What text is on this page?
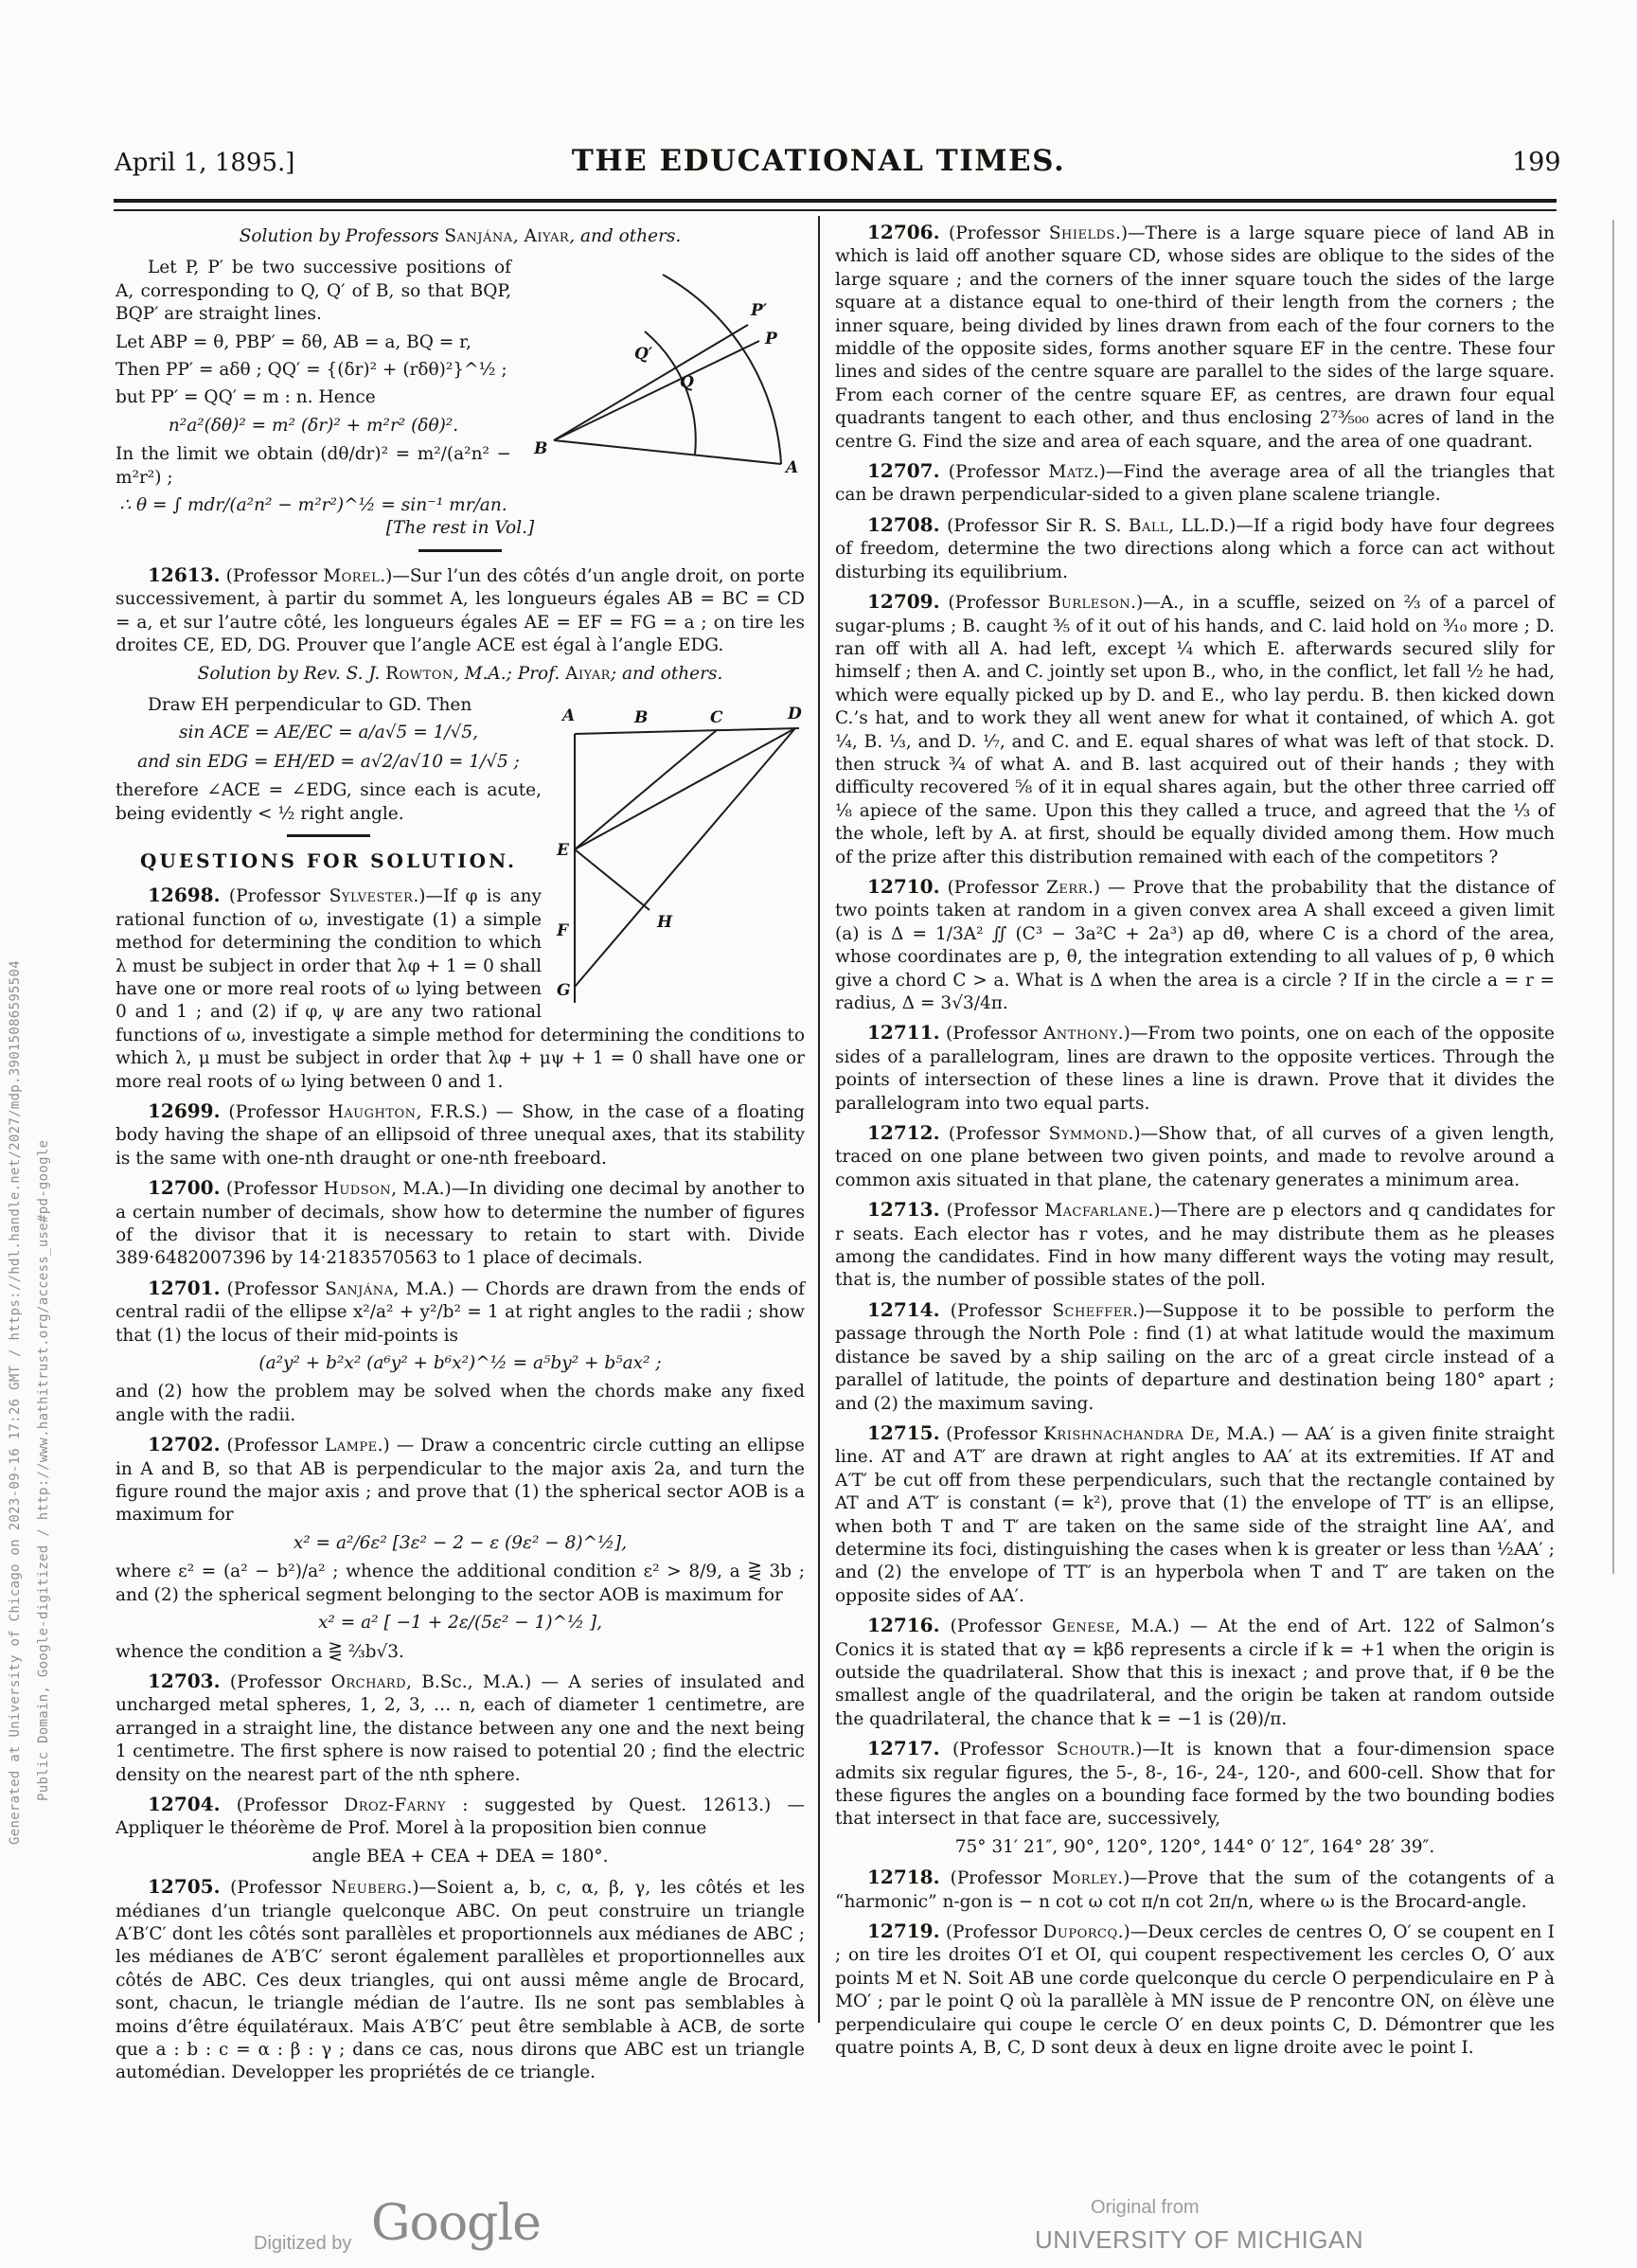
Generated at University of Chicago on 2023-09-16 17:26 GMT / https://hdl.handle.net/2027/mdp.39015086595504 Public Domain, Google-digitized / http://www.hathitrust.org/access_use#pd-google
April 1, 1895.]	THE EDUCATIONAL TIMES.	199

Solution by Professors Sanjána, Aiyar, and others.

P′
P
Q′
Q
B
A

Let P, P′ be two successive positions of A, corresponding to Q, Q′ of B, so that BQP, BQP′ are straight lines.

Let ABP = θ, PBP′ = δθ, AB = a, BQ = r,

Then PP′ = aδθ ; QQ′ = {(δr)² + (rδθ)²}^½ ;

but PP′ = QQ′ = m : n. Hence

n²a²(δθ)² = m² (δr)² + m²r² (δθ)².

In the limit we obtain (dθ/dr)² = m²/(a²n² − m²r²) ;

∴ θ = ∫ mdr/(a²n² − m²r²)^½ = sin⁻¹ mr/an. [The rest in Vol.]

12613. (Professor Morel.)—Sur l’un des côtés d’un angle droit, on porte successivement, à partir du sommet A, les longueurs égales AB = BC = CD = a, et sur l’autre côté, les longueurs égales AE = EF = FG = a ; on tire les droites CE, ED, DG. Prouver que l’angle ACE est égal à l’angle EDG.

Solution by Rev. S. J. Rowton, M.A.; Prof. Aiyar; and others.

A	B	C	D
E
F
G
H

Draw EH perpendicular to GD. Then

sin ACE = AE/EC = a/a√5 = 1/√5,

and sin EDG = EH/ED = a√2/a√10 = 1/√5 ;

therefore ∠ACE = ∠EDG, since each is acute, being evidently < ½ right angle.

QUESTIONS FOR SOLUTION.

12698. (Professor Sylvester.)—If φ is any rational function of ω, investigate (1) a simple method for determining the condition to which λ must be subject in order that λφ + 1 = 0 shall have one or more real roots of ω lying between 0 and 1 ; and (2) if φ, ψ are any two rational functions of ω, investigate a simple method for determining the conditions to which λ, μ must be subject in order that λφ + μψ + 1 = 0 shall have one or more real roots of ω lying between 0 and 1.

12699. (Professor Haughton, F.R.S.) — Show, in the case of a floating body having the shape of an ellipsoid of three unequal axes, that its stability is the same with one-nth draught or one-nth freeboard.

12700. (Professor Hudson, M.A.)—In dividing one decimal by another to a certain number of decimals, show how to determine the number of figures of the divisor that it is necessary to retain to start with. Divide 389·6482007396 by 14·2183570563 to 1 place of decimals.

12701. (Professor Sanjána, M.A.) — Chords are drawn from the ends of central radii of the ellipse x²/a² + y²/b² = 1 at right angles to the radii ; show that (1) the locus of their mid-points is

(a²y² + b²x² (a⁶y² + b⁶x²)^½ = a⁵by² + b⁵ax² ;

and (2) how the problem may be solved when the chords make any fixed angle with the radii.

12702. (Professor Lampe.) — Draw a concentric circle cutting an ellipse in A and B, so that AB is perpendicular to the major axis 2a, and turn the figure round the major axis ; and prove that (1) the spherical sector AOB is a maximum for

x² = a²/6ε² [3ε² − 2 − ε (9ε² − 8)^½],

where ε² = (a² − b²)/a² ; whence the additional condition ε² > 8/9, a ⋛ 3b ; and (2) the spherical segment belonging to the sector AOB is maximum for

x² = a² [ −1 + 2ε/(5ε² − 1)^½ ],

whence the condition a ⋛ ⅔b√3.

12703. (Professor Orchard, B.Sc., M.A.) — A series of insulated and uncharged metal spheres, 1, 2, 3, … n, each of diameter 1 centimetre, are arranged in a straight line, the distance between any one and the next being 1 centimetre. The first sphere is now raised to potential 20 ; find the electric density on the nearest part of the nth sphere.

12704. (Professor Droz-Farny : suggested by Quest. 12613.) — Appliquer le théorème de Prof. Morel à la proposition bien connue

angle BEA + CEA + DEA = 180°.

12705. (Professor Neuberg.)—Soient a, b, c, α, β, γ, les côtés et les médianes d’un triangle quelconque ABC. On peut construire un triangle A′B′C′ dont les côtés sont parallèles et proportionnels aux médianes de ABC ; les médianes de A′B′C′ seront également parallèles et proportionnelles aux côtés de ABC. Ces deux triangles, qui ont aussi même angle de Brocard, sont, chacun, le triangle médian de l’autre. Ils ne sont pas semblables à moins d’être équilatéraux. Mais A′B′C′ peut être semblable à ACB, de sorte que a : b : c = α : β : γ ; dans ce cas, nous dirons que ABC est un triangle automédian. Developper les propriétés de ce triangle.

12706. (Professor Shields.)—There is a large square piece of land AB in which is laid off another square CD, whose sides are oblique to the sides of the large square ; and the corners of the inner square touch the sides of the large square at a distance equal to one-third of their length from the corners ; the inner square, being divided by lines drawn from each of the four corners to the middle of the opposite sides, forms another square EF in the centre. These four lines and sides of the centre square are parallel to the sides of the large square. From each corner of the centre square EF, as centres, are drawn four equal quadrants tangent to each other, and thus enclosing 2⁷³⁄₅₀₀ acres of land in the centre G. Find the size and area of each square, and the area of one quadrant.

12707. (Professor Matz.)—Find the average area of all the triangles that can be drawn perpendicular-sided to a given plane scalene triangle.

12708. (Professor Sir R. S. Ball, LL.D.)—If a rigid body have four degrees of freedom, determine the two directions along which a force can act without disturbing its equilibrium.

12709. (Professor Burleson.)—A., in a scuffle, seized on ⅔ of a parcel of sugar-plums ; B. caught ⅗ of it out of his hands, and C. laid hold on ³⁄₁₀ more ; D. ran off with all A. had left, except ¼ which E. afterwards secured slily for himself ; then A. and C. jointly set upon B., who, in the conflict, let fall ½ he had, which were equally picked up by D. and E., who lay perdu. B. then kicked down C.’s hat, and to work they all went anew for what it contained, of which A. got ¼, B. ⅓, and D. ¹⁄₇, and C. and E. equal shares of what was left of that stock. D. then struck ¾ of what A. and B. last acquired out of their hands ; they with difficulty recovered ⅝ of it in equal shares again, but the other three carried off ⅛ apiece of the same. Upon this they called a truce, and agreed that the ⅓ of the whole, left by A. at first, should be equally divided among them. How much of the prize after this distribution remained with each of the competitors ?

12710. (Professor Zerr.) — Prove that the probability that the distance of two points taken at random in a given convex area A shall exceed a given limit (a) is Δ = 1/3A² ∬ (C³ − 3a²C + 2a³) ap dθ, where C is a chord of the area, whose coordinates are p, θ, the integration extending to all values of p, θ which give a chord C > a. What is Δ when the area is a circle ? If in the circle a = r = radius, Δ = 3√3/4π.

12711. (Professor Anthony.)—From two points, one on each of the opposite sides of a parallelogram, lines are drawn to the opposite vertices. Through the points of intersection of these lines a line is drawn. Prove that it divides the parallelogram into two equal parts.

12712. (Professor Symmond.)—Show that, of all curves of a given length, traced on one plane between two given points, and made to revolve around a common axis situated in that plane, the catenary generates a minimum area.

12713. (Professor Macfarlane.)—There are p electors and q candidates for r seats. Each elector has r votes, and he may distribute them as he pleases among the candidates. Find in how many different ways the voting may result, that is, the number of possible states of the poll.

12714. (Professor Scheffer.)—Suppose it to be possible to perform the passage through the North Pole : find (1) at what latitude would the maximum distance be saved by a ship sailing on the arc of a great circle instead of a parallel of latitude, the points of departure and destination being 180° apart ; and (2) the maximum saving.

12715. (Professor Krishnachandra De, M.A.) — AA′ is a given finite straight line. AT and A′T′ are drawn at right angles to AA′ at its extremities. If AT and A′T′ be cut off from these perpendiculars, such that the rectangle contained by AT and A′T′ is constant (= k²), prove that (1) the envelope of TT′ is an ellipse, when both T and T′ are taken on the same side of the straight line AA′, and determine its foci, distinguishing the cases when k is greater or less than ½AA′ ; and (2) the envelope of TT′ is an hyperbola when T and T′ are taken on the opposite sides of AA′.

12716. (Professor Genese, M.A.) — At the end of Art. 122 of Salmon’s Conics it is stated that αγ = kβδ represents a circle if k = +1 when the origin is outside the quadrilateral. Show that this is inexact ; and prove that, if θ be the smallest angle of the quadrilateral, and the origin be taken at random outside the quadrilateral, the chance that k = −1 is (2θ)/π.

12717. (Professor Schoutr.)—It is known that a four-dimension space admits six regular figures, the 5-, 8-, 16-, 24-, 120-, and 600-cell. Show that for these figures the angles on a bounding face formed by the two bounding bodies that intersect in that face are, successively,

75° 31′ 21″, 90°, 120°, 120°, 144° 0′ 12″, 164° 28′ 39″.

12718. (Professor Morley.)—Prove that the sum of the cotangents of a “harmonic” n-gon is − n cot ω cot π/n cot 2π/n, where ω is the Brocard-angle.

12719. (Professor Duporcq.)—Deux cercles de centres O, O′ se coupent en I ; on tire les droites O′I et OI, qui coupent respectivement les cercles O, O′ aux points M et N. Soit AB une corde quelconque du cercle O perpendiculaire en P à MO′ ; par le point Q où la parallèle à MN issue de P rencontre ON, on élève une perpendiculaire qui coupe le cercle O′ en deux points C, D. Démontrer que les quatre points A, B, C, D sont deux à deux en ligne droite avec le point I.

Digitized by Google	Original from
UNIVERSITY OF MICHIGAN
